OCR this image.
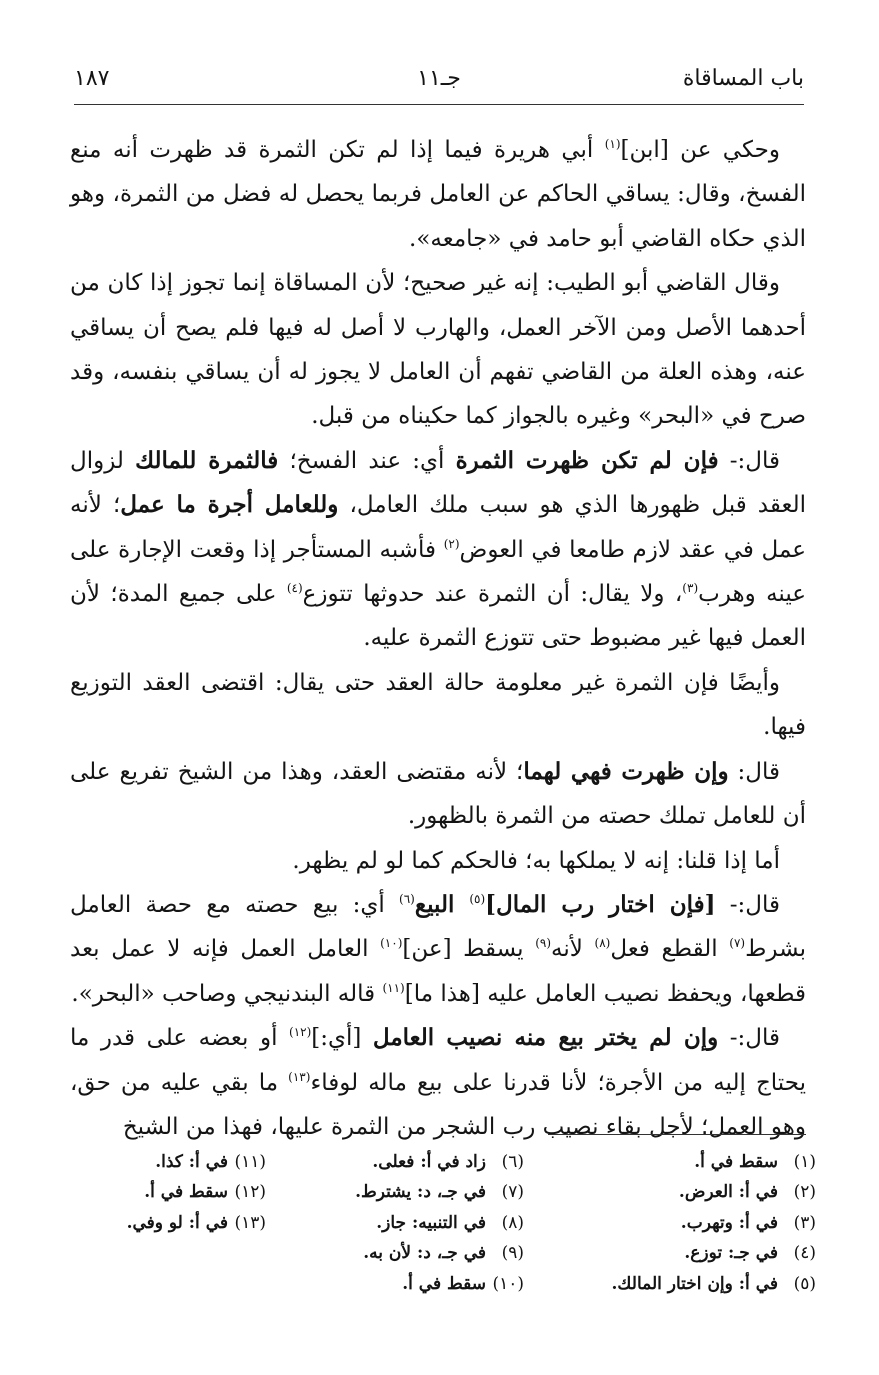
باب المساقاة
جـ١١
١٨٧

وحكي عن [ابن]$^{(١)}$ أبي هريرة فيما إذا لم تكن الثمرة قد ظهرت أنه منع الفسخ، وقال: يساقي الحاكم عن العامل فربما يحصل له فضل من الثمرة، وهو الذي حكاه القاضي أبو حامد في «جامعه».

وقال القاضي أبو الطيب: إنه غير صحيح؛ لأن المساقاة إنما تجوز إذا كان من أحدهما الأصل ومن الآخر العمل، والهارب لا أصل له فيها فلم يصح أن يساقي عنه، وهذه العلة من القاضي تفهم أن العامل لا يجوز له أن يساقي بنفسه، وقد صرح في «البحر» وغيره بالجواز كما حكيناه من قبل.

قال:- فإن لم تكن ظهرت الثمرة أي: عند الفسخ؛ فالثمرة للمالك لزوال العقد قبل ظهورها الذي هو سبب ملك العامل، وللعامل أجرة ما عمل؛ لأنه عمل في عقد لازم طامعا في العوض$^{(٢)}$ فأشبه المستأجر إذا وقعت الإجارة على عينه وهرب$^{(٣)}$، ولا يقال: أن الثمرة عند حدوثها تتوزع$^{(٤)}$ على جميع المدة؛ لأن العمل فيها غير مضبوط حتى تتوزع الثمرة عليه.

وأيضًا فإن الثمرة غير معلومة حالة العقد حتى يقال: اقتضى العقد التوزيع فيها.

قال: وإن ظهرت فهي لهما؛ لأنه مقتضى العقد، وهذا من الشيخ تفريع على أن للعامل تملك حصته من الثمرة بالظهور.

أما إذا قلنا: إنه لا يملكها به؛ فالحكم كما لو لم يظهر.

قال:- [فإن اختار رب المال]$^{(٥)}$ البيع$^{(٦)}$ أي: بيع حصته مع حصة العامل بشرط$^{(٧)}$ القطع فعل$^{(٨)}$ لأنه$^{(٩)}$ يسقط [عن]$^{(١٠)}$ العامل العمل فإنه لا عمل بعد قطعها، ويحفظ نصيب العامل عليه [هذا ما]$^{(١١)}$ قاله البندنيجي وصاحب «البحر».

قال:- وإن لم يختر بيع منه نصيب العامل [أي:]$^{(١٢)}$ أو بعضه على قدر ما يحتاج إليه من الأجرة؛ لأنا قدرنا على بيع ماله لوفاء$^{(١٣)}$ ما بقي عليه من حق، وهو العمل؛ لأجل بقاء نصيب رب الشجر من الثمرة عليها، فهذا من الشيخ

(١)سقط في أ.
(٢)في أ: العرض.
(٣)في أ: وتهرب.
(٤)في جـ: توزع.
(٥)في أ: وإن اختار المالك.
(٦)زاد في أ: فعلى.
(٧)في جـ، د: يشترط.
(٨)في التنبيه: جاز.
(٩)في جـ، د: لأن به.
(١٠)سقط في أ.
(١١)في أ: كذا.
(١٢)سقط في أ.
(١٣)في أ: لو وفي.
